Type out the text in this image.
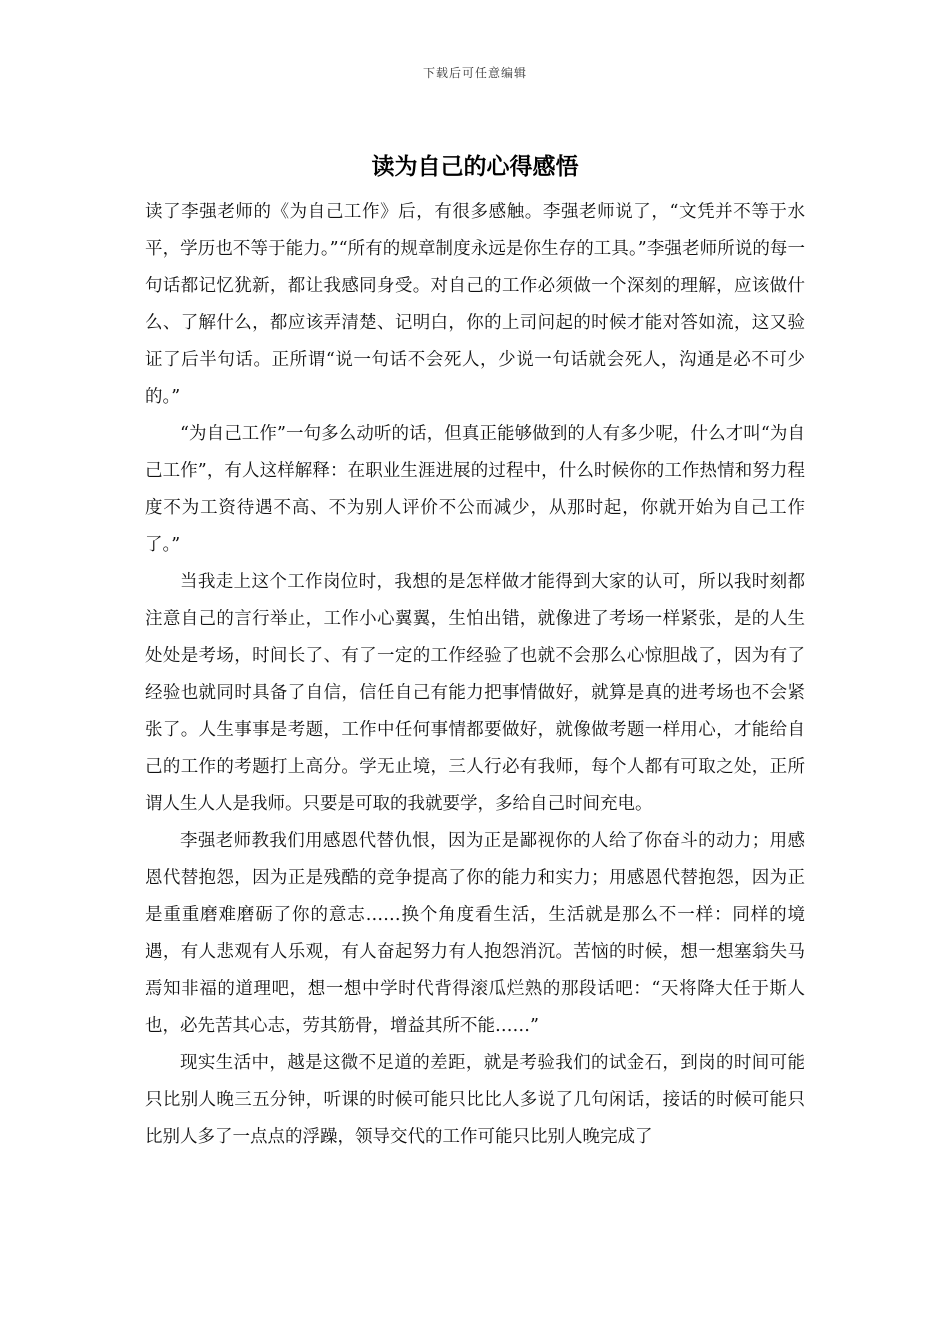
下载后可任意编辑
读为自己的心得感悟

读了李强老师的《为自己工作》后，有很多感触。李强老师说了，“文凭并不等于水平，学历也不等于能力。”“所有的规章制度永远是你生存的工具。”李强老师所说的每一句话都记忆犹新，都让我感同身受。对自己的工作必须做一个深刻的理解，应该做什么、了解什么，都应该弄清楚、记明白，你的上司问起的时候才能对答如流，这又验证了后半句话。正所谓“说一句话不会死人，少说一句话就会死人，沟通是必不可少的。”

“为自己工作”一句多么动听的话，但真正能够做到的人有多少呢，什么才叫“为自己工作”，有人这样解释：在职业生涯进展的过程中，什么时候你的工作热情和努力程度不为工资待遇不高、不为别人评价不公而减少，从那时起，你就开始为自己工作了。”

当我走上这个工作岗位时，我想的是怎样做才能得到大家的认可，所以我时刻都注意自己的言行举止，工作小心翼翼，生怕出错，就像进了考场一样紧张，是的人生处处是考场，时间长了、有了一定的工作经验了也就不会那么心惊胆战了，因为有了经验也就同时具备了自信，信任自己有能力把事情做好，就算是真的进考场也不会紧张了。人生事事是考题，工作中任何事情都要做好，就像做考题一样用心，才能给自己的工作的考题打上高分。学无止境，三人行必有我师，每个人都有可取之处，正所谓人生人人是我师。只要是可取的我就要学，多给自己时间充电。

李强老师教我们用感恩代替仇恨，因为正是鄙视你的人给了你奋斗的动力；用感恩代替抱怨，因为正是残酷的竞争提高了你的能力和实力；用感恩代替抱怨，因为正是重重磨难磨砺了你的意志……换个角度看生活，生活就是那么不一样：同样的境遇，有人悲观有人乐观，有人奋起努力有人抱怨消沉。苦恼的时候，想一想塞翁失马焉知非福的道理吧，想一想中学时代背得滚瓜烂熟的那段话吧：“天将降大任于斯人也，必先苦其心志，劳其筋骨，增益其所不能……”

现实生活中，越是这微不足道的差距，就是考验我们的试金石，到岗的时间可能只比别人晚三五分钟，听课的时候可能只比比人多说了几句闲话，接话的时候可能只比别人多了一点点的浮躁，领导交代的工作可能只比别人晚完成了
